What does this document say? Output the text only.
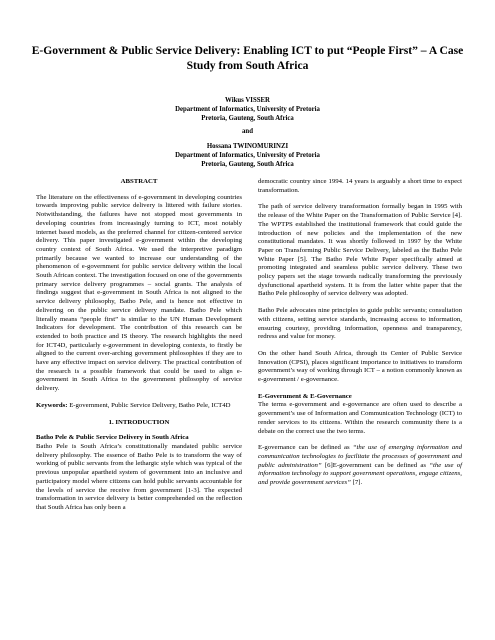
E-Government & Public Service Delivery: Enabling ICT to put “People First” – A Case Study from South Africa
Wikus VISSER
Department of Informatics, University of Pretoria
Pretoria, Gauteng, South Africa
and
Hossana TWINOMURINZI
Department of Informatics, University of Pretoria
Pretoria, Gauteng, South Africa
ABSTRACT
The literature on the effectiveness of e-government in developing countries towards improving public service delivery is littered with failure stories. Notwithstanding, the failures have not stopped most governments in developing countries from increasingly turning to ICT, most notably internet based models, as the preferred channel for citizen-centered service delivery. This paper investigated e-government within the developing country context of South Africa. We used the interpretive paradigm primarily because we wanted to increase our understanding of the phenomenon of e-government for public service delivery within the local South African context. The investigation focused on one of the governments primary service delivery programmes – social grants. The analysis of findings suggest that e-government in South Africa is not aligned to the service delivery philosophy, Batho Pele, and is hence not effective in delivering on the public service delivery mandate. Batho Pele which literally means “people first” is similar to the UN Human Development Indicators for development. The contribution of this research can be extended to both practice and IS theory. The research highlights the need for ICT4D, particularly e-government in developing contexts, to firstly be aligned to the current over-arching government philosophies if they are to have any effective impact on service delivery. The practical contribution of the research is a possible framework that could be used to align e-government in South Africa to the government philosophy of service delivery.
Keywords: E-government, Public Service Delivery, Batho Pele, ICT4D
1. INTRODUCTION
Batho Pele & Public Service Delivery in South Africa
Batho Pele is South Africa’s constitutionally mandated public service delivery philosophy. The essence of Batho Pele is to transform the way of working of public servants from the lethargic style which was typical of the previous unpopular apartheid system of government into an inclusive and participatory model where citizens can hold public servants accountable for the levels of service the receive from government [1-3]. The expected transformation in service delivery is better comprehended on the reflection that South Africa has only been a
democratic country since 1994. 14 years is arguably a short time to expect transformation.
The path of service delivery transformation formally began in 1995 with the release of the White Paper on the Transformation of Public Service [4]. The WPTPS established the institutional framework that could guide the introduction of new policies and the implementation of the new constitutional mandates. It was shortly followed in 1997 by the White Paper on Transforming Public Service Delivery, labeled as the Batho Pele White Paper [5]. The Batho Pele White Paper specifically aimed at promoting integrated and seamless public service delivery. These two policy papers set the stage towards radically transforming the previously dysfunctional apartheid system. It is from the latter white paper that the Batho Pele philosophy of service delivery was adopted.
Batho Pele advocates nine principles to guide public servants; consultation with citizens, setting service standards, increasing access to information, ensuring courtesy, providing information, openness and transparency, redress and value for money.
On the other hand South Africa, through its Center of Public Service Innovation (CPSI), places significant importance to initiatives to transform government’s way of working through ICT – a notion commonly known as e-government / e-governance.
E-Government & E-Governance
The terms e-government and e-governance are often used to describe a government’s use of Information and Communication Technology (ICT) to render services to its citizens. Within the research community there is a debate on the correct use the two terms.
E-governance can be defined as “the use of emerging information and communication technologies to facilitate the processes of government and public administration” [6]E-government can be defined as “the use of information technology to support government operations, engage citizens, and provide government services” [7].
